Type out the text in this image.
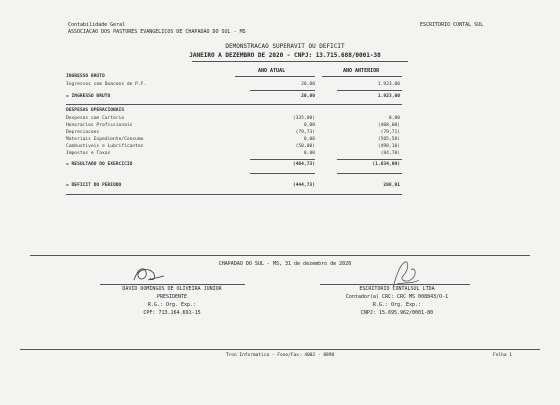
Contabilidade Geral
ASSOCIACAO DOS PASTORES EVANGELICOS DE CHAPADAO DO SUL - MS
ESCRITORIO CONTAL SUL
DEMONSTRACAO SUPERAVIT OU DEFICIT
JANEIRO A DEZEMBRO DE 2020 - CNPJ: 13.715.688/0001-38
ANO ATUAL	ANO ANTERIOR
INGRESSO BRUTO
Ingressos com Doacoes de P.F.	20,00	1.923,00
= INGRESSO BRUTO	20,00	1.923,00
DESPESAS OPERACIONAIS
Despesas com Cartorio	(335,00)	0,00
Honorarios Profissionais	0,00	(408,00)
Depreciacoes	(79,73)	(79,71)
Materiais Expediente/Consumo	0,00	(505,58)
Combustiveis e Lubrificantes	(50,00)	(498,10)
Impostos e Taxas	0,00	(84,70)
= RESULTADO DO EXERCICIO	(464,73)	(1.634,09)
= DEFICIT DO PERIODO	(444,73)	288,91
CHAPADAO DO SUL - MS, 31 de dezembro de 2020
DAVID DOMINGOS DE OLIVEIRA JUNIOR
PRESIDENTE
R.G.: Org. Exp.:
CPF: 713.164.691-15
ESCRITORIO CONTALSUL LTDA
Contador(a) CRC: CRC MS 008843/O-1
R.G.: Org. Exp.:
CNPJ: 15.695.962/0001-80
Tron Informatica - Fone/Fax: 4002 - 8890	Folha 1
